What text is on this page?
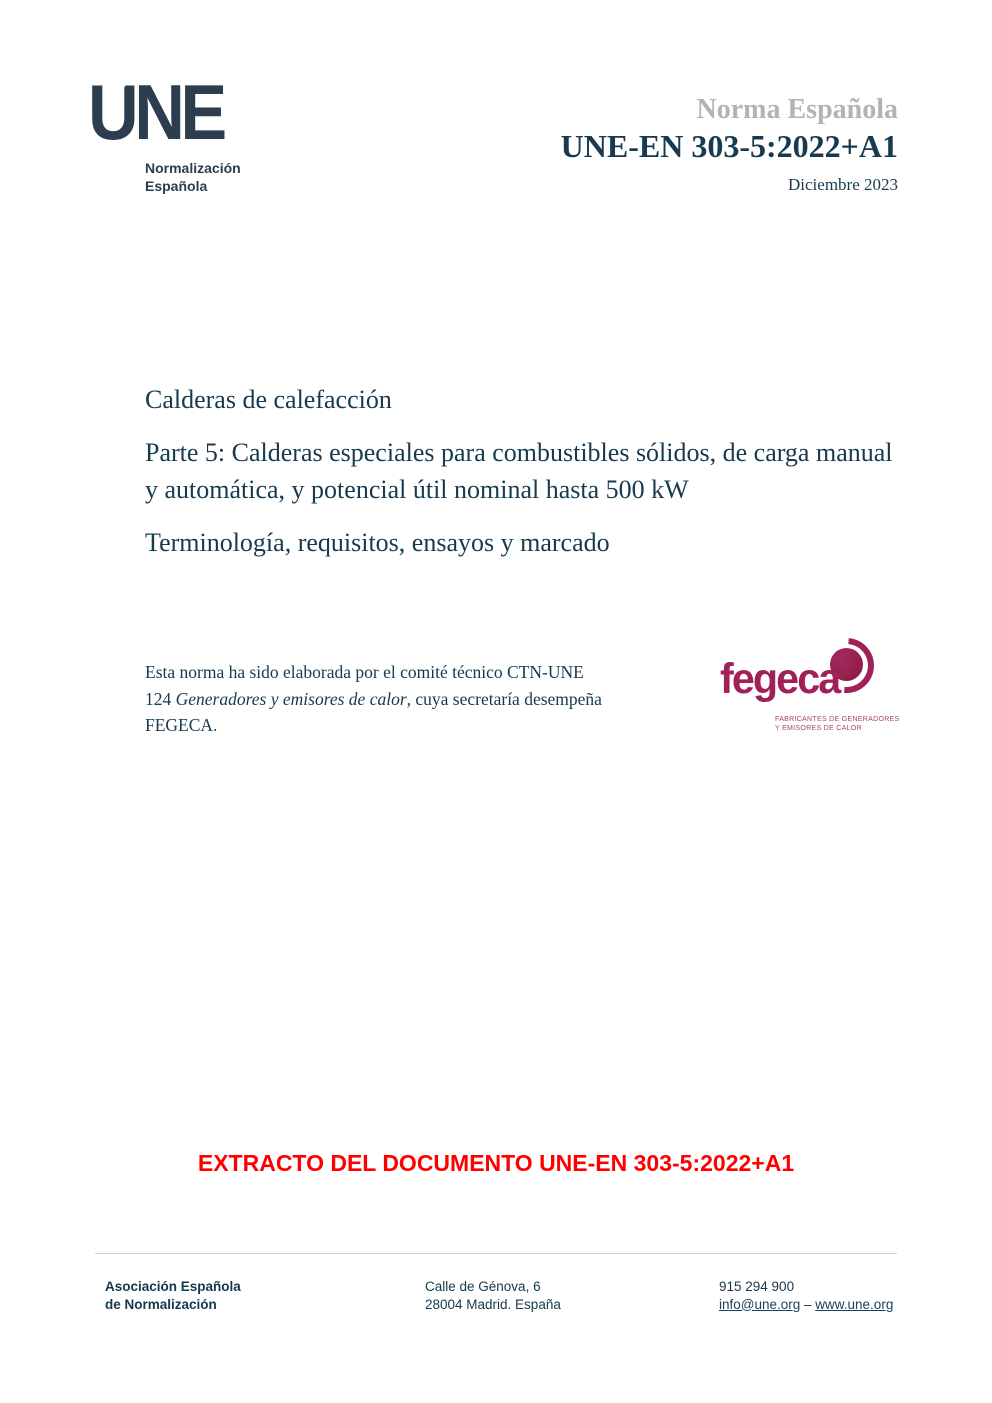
UNE
Normalización
Española
Norma Española
UNE-EN 303-5:2022+A1
Diciembre 2023

Calderas de calefacción

Parte 5: Calderas especiales para combustibles sólidos, de carga manual y automática, y potencial útil nominal hasta 500 kW

Terminología, requisitos, ensayos y marcado

Esta norma ha sido elaborada por el comité técnico CTN-UNE 124 Generadores y emisores de calor, cuya secretaría desempeña FEGECA.

fegeca
FABRICANTES DE GENERADORES
Y EMISORES DE CALOR
EXTRACTO DEL DOCUMENTO UNE-EN 303-5:2022+A1
Asociación Española
de Normalización
Calle de Génova, 6
28004 Madrid. España
915 294 900
info@une.org – www.une.org
